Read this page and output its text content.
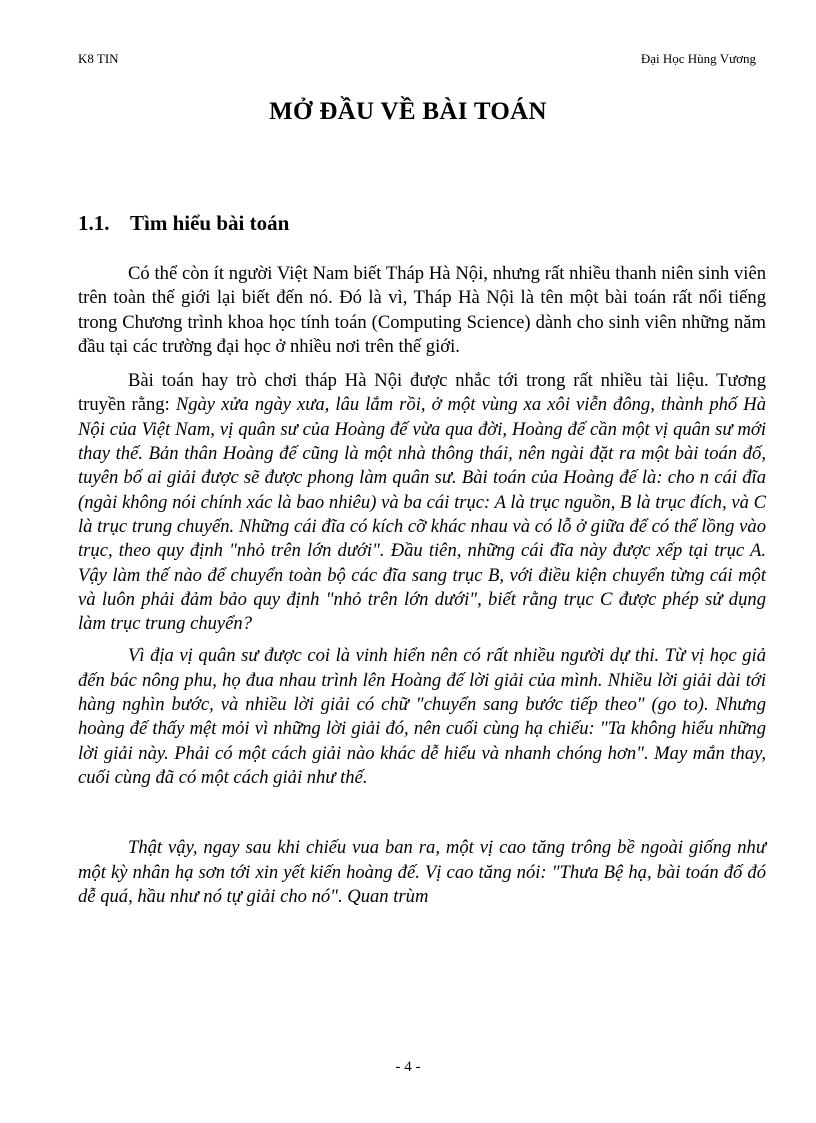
K8 TIN	Đại Học Hùng Vương
MỞ ĐẦU VỀ BÀI TOÁN
1.1. Tìm hiểu bài toán

Có thể còn ít người Việt Nam biết Tháp Hà Nội, nhưng rất nhiều thanh niên sinh viên trên toàn thế giới lại biết đến nó. Đó là vì, Tháp Hà Nội là tên một bài toán rất nổi tiếng trong Chương trình khoa học tính toán (Computing Science) dành cho sinh viên những năm đầu tại các trường đại học ở nhiều nơi trên thế giới.

Bài toán hay trò chơi tháp Hà Nội được nhắc tới trong rất nhiều tài liệu. Tương truyền rằng: Ngày xửa ngày xưa, lâu lắm rồi, ở một vùng xa xôi viễn đông, thành phố Hà Nội của Việt Nam, vị quân sư của Hoàng đế vừa qua đời, Hoàng đế cần một vị quân sư mới thay thế. Bản thân Hoàng đế cũng là một nhà thông thái, nên ngài đặt ra một bài toán đố, tuyên bố ai giải được sẽ được phong làm quân sư. Bài toán của Hoàng đế là: cho n cái đĩa (ngài không nói chính xác là bao nhiêu) và ba cái trục: A là trục nguồn, B là trục đích, và C là trục trung chuyển. Những cái đĩa có kích cỡ khác nhau và có lỗ ở giữa để có thể lồng vào trục, theo quy định "nhỏ trên lớn dưới". Đầu tiên, những cái đĩa này được xếp tại trục A. Vậy làm thế nào để chuyển toàn bộ các đĩa sang trục B, với điều kiện chuyển từng cái một và luôn phải đảm bảo quy định "nhỏ trên lớn dưới", biết rằng trục C được phép sử dụng làm trục trung chuyển?

Vì địa vị quân sư được coi là vinh hiển nên có rất nhiều người dự thi. Từ vị học giả đến bác nông phu, họ đua nhau trình lên Hoàng đế lời giải của mình. Nhiều lời giải dài tới hàng nghìn bước, và nhiều lời giải có chữ "chuyển sang bước tiếp theo" (go to). Nhưng hoàng đế thấy mệt mỏi vì những lời giải đó, nên cuối cùng hạ chiếu: "Ta không hiểu những lời giải này. Phải có một cách giải nào khác dễ hiểu và nhanh chóng hơn". May mắn thay, cuối cùng đã có một cách giải như thế.

Thật vậy, ngay sau khi chiếu vua ban ra, một vị cao tăng trông bề ngoài giống như một kỳ nhân hạ sơn tới xin yết kiến hoàng đế. Vị cao tăng nói: "Thưa Bệ hạ, bài toán đố đó dễ quá, hầu như nó tự giải cho nó". Quan trùm

- 4 -
